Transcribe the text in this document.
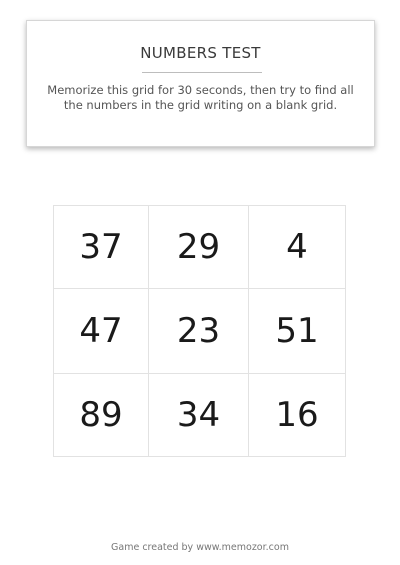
NUMBERS TEST
Memorize this grid for 30 seconds, then try to find all the numbers in the grid writing on a blank grid.
37	29	4
47	23	51
89	34	16
Game created by www.memozor.com
